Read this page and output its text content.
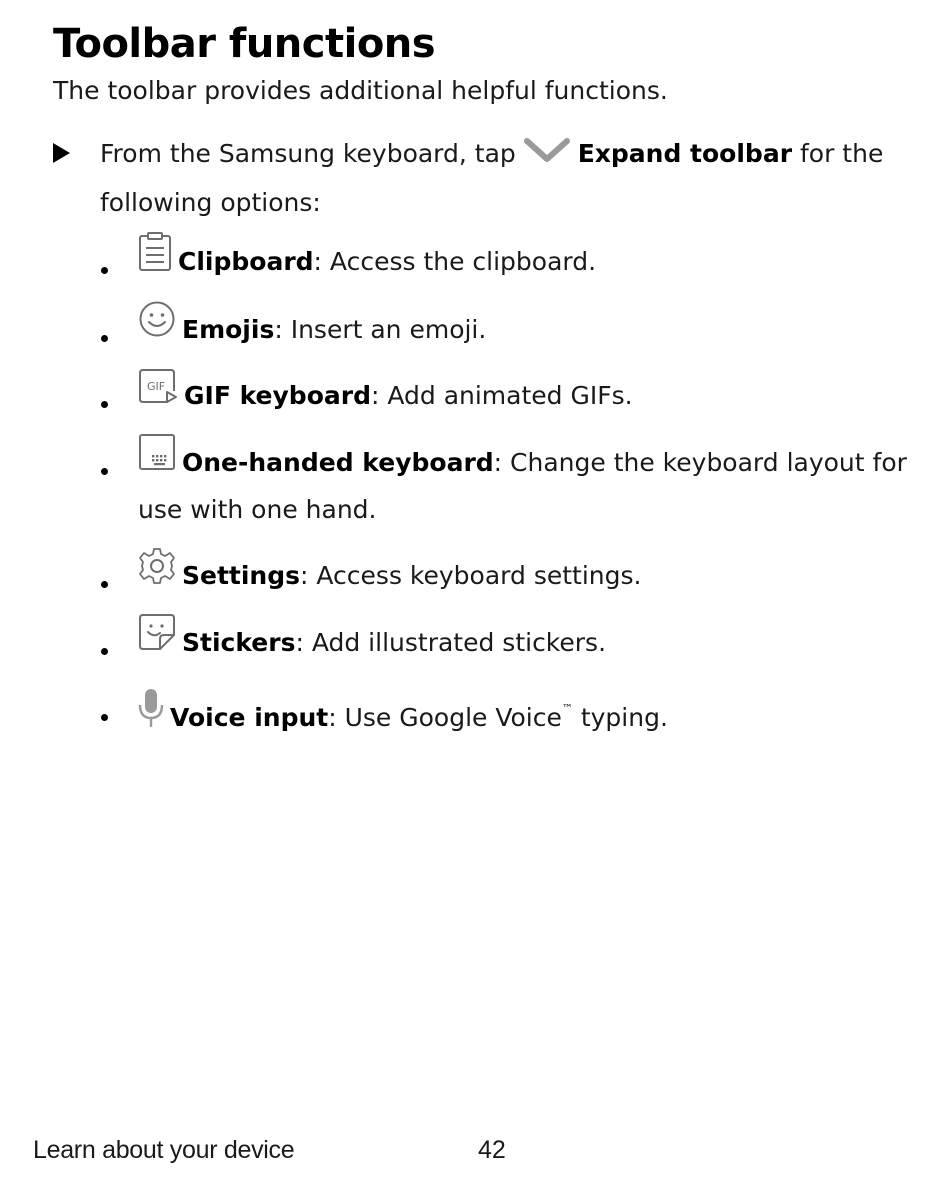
Toolbar functions

The toolbar provides additional helpful functions.

From the Samsung keyboard, tap Expand toolbar for the following options:

Clipboard: Access the clipboard.
Emojis: Insert an emoji.
GIF GIF keyboard: Add animated GIFs.
One-handed keyboard: Change the keyboard layout for use with one hand.
Settings: Access keyboard settings.
Stickers: Add illustrated stickers.
Voice input: Use Google Voice™ typing.
Learn about your device	42
